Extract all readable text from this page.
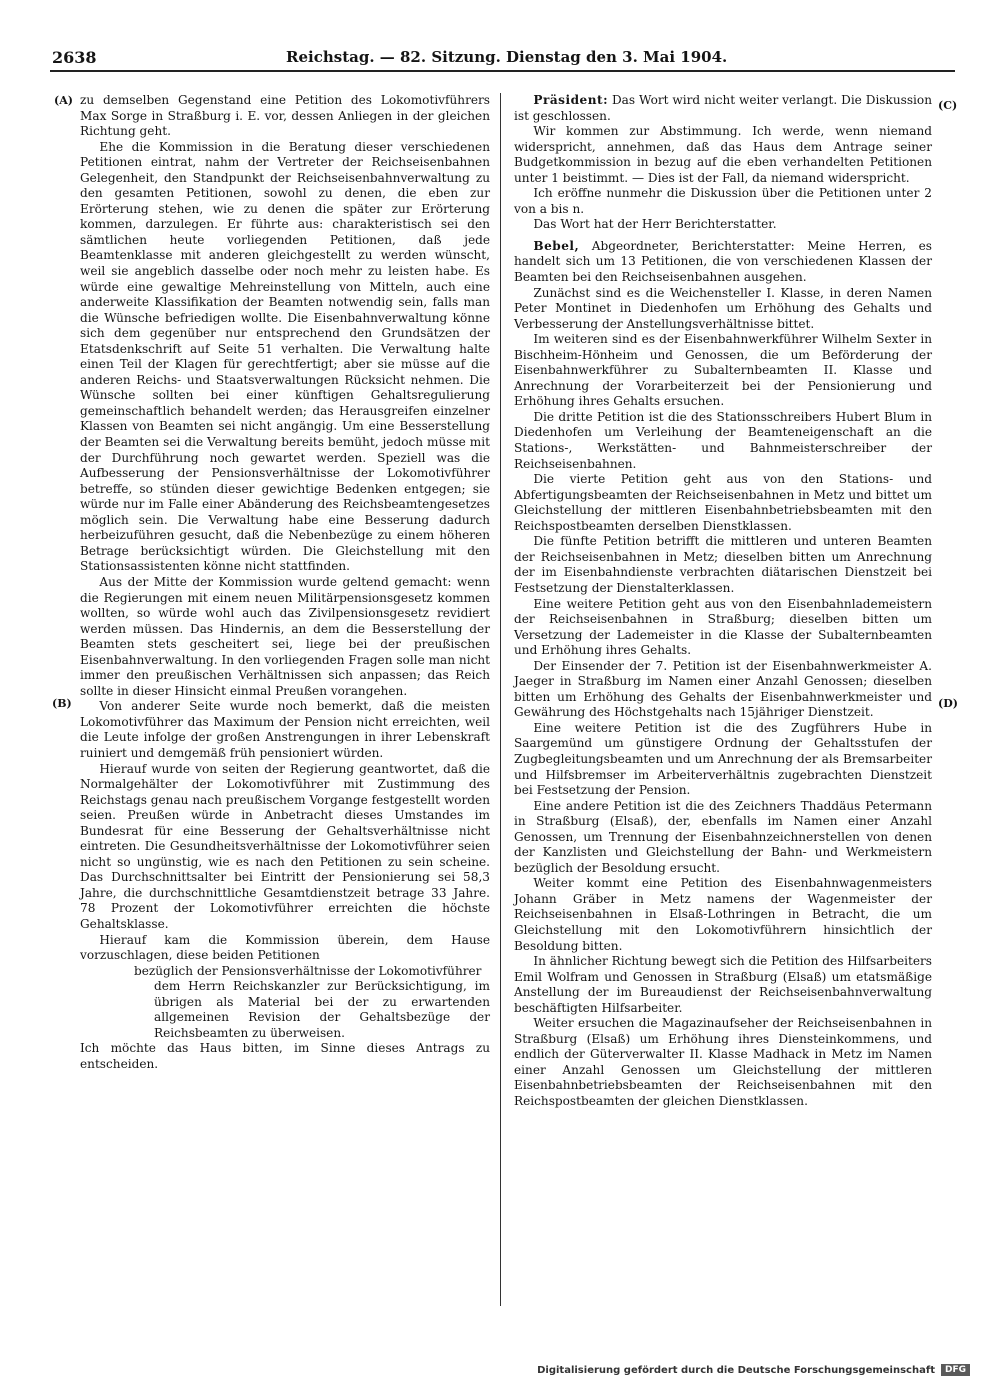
2638	Reichstag. — 82. Sitzung. Dienstag den 3. Mai 1904.
(A)
(B)
(C)
(D)

zu demselben Gegenstand eine Petition des Lokomotivführers Max Sorge in Straßburg i. E. vor, dessen Anliegen in der gleichen Richtung geht.

Ehe die Kommission in die Beratung dieser verschiedenen Petitionen eintrat, nahm der Vertreter der Reichseisenbahnen Gelegenheit, den Standpunkt der Reichseisenbahnverwaltung zu den gesamten Petitionen, sowohl zu denen, die eben zur Erörterung stehen, wie zu denen die später zur Erörterung kommen, darzulegen. Er führte aus: charakteristisch sei den sämtlichen heute vorliegenden Petitionen, daß jede Beamtenklasse mit anderen gleichgestellt zu werden wünscht, weil sie angeblich dasselbe oder noch mehr zu leisten habe. Es würde eine gewaltige Mehreinstellung von Mitteln, auch eine anderweite Klassifikation der Beamten notwendig sein, falls man die Wünsche befriedigen wollte. Die Eisenbahnverwaltung könne sich dem gegenüber nur entsprechend den Grundsätzen der Etatsdenkschrift auf Seite 51 verhalten. Die Verwaltung halte einen Teil der Klagen für gerechtfertigt; aber sie müsse auf die anderen Reichs- und Staatsverwaltungen Rücksicht nehmen. Die Wünsche sollten bei einer künftigen Gehaltsregulierung gemeinschaftlich behandelt werden; das Herausgreifen einzelner Klassen von Beamten sei nicht angängig. Um eine Besserstellung der Beamten sei die Verwaltung bereits bemüht, jedoch müsse mit der Durchführung noch gewartet werden. Speziell was die Aufbesserung der Pensionsverhältnisse der Lokomotivführer betreffe, so stünden dieser gewichtige Bedenken entgegen; sie würde nur im Falle einer Abänderung des Reichsbeamtengesetzes möglich sein. Die Verwaltung habe eine Besserung dadurch herbeizuführen gesucht, daß die Nebenbezüge zu einem höheren Betrage berücksichtigt würden. Die Gleichstellung mit den Stationsassistenten könne nicht stattfinden.

Aus der Mitte der Kommission wurde geltend gemacht: wenn die Regierungen mit einem neuen Militärpensionsgesetz kommen wollten, so würde wohl auch das Zivilpensionsgesetz revidiert werden müssen. Das Hindernis, an dem die Besserstellung der Beamten stets gescheitert sei, liege bei der preußischen Eisenbahnverwaltung. In den vorliegenden Fragen solle man nicht immer den preußischen Verhältnissen sich anpassen; das Reich sollte in dieser Hinsicht einmal Preußen vorangehen.

Von anderer Seite wurde noch bemerkt, daß die meisten Lokomotivführer das Maximum der Pension nicht erreichten, weil die Leute infolge der großen Anstrengungen in ihrer Lebenskraft ruiniert und demgemäß früh pensioniert würden.

Hierauf wurde von seiten der Regierung geantwortet, daß die Normalgehälter der Lokomotivführer mit Zustimmung des Reichstags genau nach preußischem Vorgange festgestellt worden seien. Preußen würde in Anbetracht dieses Umstandes im Bundesrat für eine Besserung der Gehaltsverhältnisse nicht eintreten. Die Gesundheitsverhältnisse der Lokomotivführer seien nicht so ungünstig, wie es nach den Petitionen zu sein scheine. Das Durchschnittsalter bei Eintritt der Pensionierung sei 58,3 Jahre, die durchschnittliche Gesamtdienstzeit betrage 33 Jahre. 78 Prozent der Lokomotivführer erreichten die höchste Gehaltsklasse.

Hierauf kam die Kommission überein, dem Hause vorzuschlagen, diese beiden Petitionen

bezüglich der Pensionsverhältnisse der Lokomotivführer

dem Herrn Reichskanzler zur Berücksichtigung, im übrigen als Material bei der zu erwartenden allgemeinen Revision der Gehaltsbezüge der Reichsbeamten zu überweisen.

Ich möchte das Haus bitten, im Sinne dieses Antrags zu entscheiden.

Präsident: Das Wort wird nicht weiter verlangt. Die Diskussion ist geschlossen.

Wir kommen zur Abstimmung. Ich werde, wenn niemand widerspricht, annehmen, daß das Haus dem Antrage seiner Budgetkommission in bezug auf die eben verhandelten Petitionen unter 1 beistimmt. — Dies ist der Fall, da niemand widerspricht.

Ich eröffne nunmehr die Diskussion über die Petitionen unter 2 von a bis n.

Das Wort hat der Herr Berichterstatter.

Bebel, Abgeordneter, Berichterstatter: Meine Herren, es handelt sich um 13 Petitionen, die von verschiedenen Klassen der Beamten bei den Reichseisenbahnen ausgehen.

Zunächst sind es die Weichensteller I. Klasse, in deren Namen Peter Montinet in Diedenhofen um Erhöhung des Gehalts und Verbesserung der Anstellungsverhältnisse bittet.

Im weiteren sind es der Eisenbahnwerkführer Wilhelm Sexter in Bischheim-Hönheim und Genossen, die um Beförderung der Eisenbahnwerkführer zu Subalternbeamten II. Klasse und Anrechnung der Vorarbeiterzeit bei der Pensionierung und Erhöhung ihres Gehalts ersuchen.

Die dritte Petition ist die des Stationsschreibers Hubert Blum in Diedenhofen um Verleihung der Beamteneigenschaft an die Stations-, Werkstätten- und Bahnmeisterschreiber der Reichseisenbahnen.

Die vierte Petition geht aus von den Stations- und Abfertigungsbeamten der Reichseisenbahnen in Metz und bittet um Gleichstellung der mittleren Eisenbahnbetriebsbeamten mit den Reichspostbeamten derselben Dienstklassen.

Die fünfte Petition betrifft die mittleren und unteren Beamten der Reichseisenbahnen in Metz; dieselben bitten um Anrechnung der im Eisenbahndienste verbrachten diätarischen Dienstzeit bei Festsetzung der Dienstalterklassen.

Eine weitere Petition geht aus von den Eisenbahnlademeistern der Reichseisenbahnen in Straßburg; dieselben bitten um Versetzung der Lademeister in die Klasse der Subalternbeamten und Erhöhung ihres Gehalts.

Der Einsender der 7. Petition ist der Eisenbahnwerkmeister A. Jaeger in Straßburg im Namen einer Anzahl Genossen; dieselben bitten um Erhöhung des Gehalts der Eisenbahnwerkmeister und Gewährung des Höchstgehalts nach 15jähriger Dienstzeit.

Eine weitere Petition ist die des Zugführers Hube in Saargemünd um günstigere Ordnung der Gehaltsstufen der Zugbegleitungsbeamten und um Anrechnung der als Bremsarbeiter und Hilfsbremser im Arbeiterverhältnis zugebrachten Dienstzeit bei Festsetzung der Pension.

Eine andere Petition ist die des Zeichners Thaddäus Petermann in Straßburg (Elsaß), der, ebenfalls im Namen einer Anzahl Genossen, um Trennung der Eisenbahnzeichnerstellen von denen der Kanzlisten und Gleichstellung der Bahn- und Werkmeistern bezüglich der Besoldung ersucht.

Weiter kommt eine Petition des Eisenbahnwagenmeisters Johann Gräber in Metz namens der Wagenmeister der Reichseisenbahnen in Elsaß-Lothringen in Betracht, die um Gleichstellung mit den Lokomotivführern hinsichtlich der Besoldung bitten.

In ähnlicher Richtung bewegt sich die Petition des Hilfsarbeiters Emil Wolfram und Genossen in Straßburg (Elsaß) um etatsmäßige Anstellung der im Bureaudienst der Reichseisenbahnverwaltung beschäftigten Hilfsarbeiter.

Weiter ersuchen die Magazinaufseher der Reichseisenbahnen in Straßburg (Elsaß) um Erhöhung ihres Diensteinkommens, und endlich der Güterverwalter II. Klasse Madhack in Metz im Namen einer Anzahl Genossen um Gleichstellung der mittleren Eisenbahnbetriebsbeamten der Reichseisenbahnen mit den Reichspostbeamten der gleichen Dienstklassen.

Digitalisierung gefördert durch die Deutsche Forschungsgemeinschaft	DFG
